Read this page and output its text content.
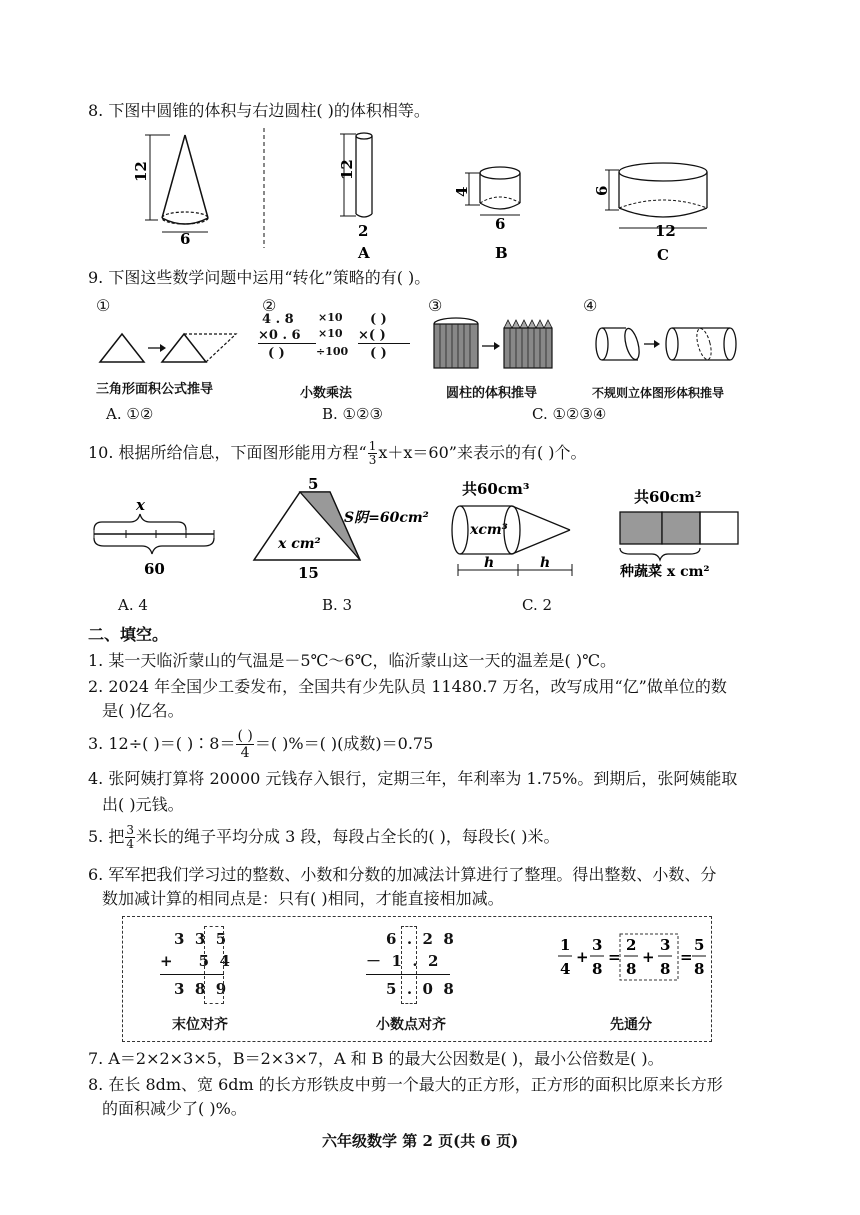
8. 下图中圆锥的体积与右边圆柱( )的体积相等。
12
6
12
2
A
4
6
B
6
12
C
9. 下图这些数学问题中运用“转化”策略的有( )。
①	②	③	④
4 . 8
×0 . 6
( )
×10
×10
÷100
( )
×( )
( )
三角形面积公式推导	小数乘法	圆柱的体积推导	不规则立体图形体积推导
A. ①②	B. ①②③	C. ①②③④
10. 根据所给信息，下面图形能用方程“ $\frac{1}{3} x+x=60$”来表示的有( )个。
x
60
5
S阴=60cm²
x cm²
15
共60cm³
xcm³
h	h
共60cm²
种蔬菜 x cm²
A. 4	B. 3	C. 2
二、填空。
1. 某一天临沂蒙山的气温是－5℃～6℃，临沂蒙山这一天的温差是( )℃。
2. 2024 年全国少工委发布，全国共有少先队员 11480.7 万名，改写成用“亿”做单位的数
是( )亿名。
3. 12÷( )＝( )∶8＝ $\frac{( )}{4}$ ＝( )%＝( )(成数)＝0.75
4. 张阿姨打算将 20000 元钱存入银行，定期三年，年利率为 1.75%。到期后，张阿姨能取
出( )元钱。
5. 把 $\frac{3}{4}$ 米长的绳子平均分成 3 段，每段占全长的( )，每段长( )米。
6. 军军把我们学习过的整数、小数和分数的加减法计算进行了整理。得出整数、小数、分
数加减计算的相同点是：只有( )相同，才能直接相加减。
3  3  5
+     5  4
3  8  9
6  .  2  8
－  1  .  2
5  .  0  8
1
4
+
3
8
=
2
8
+
3
8
=
5
8
末位对齐	小数点对齐	先通分
7. A＝2×2×3×5，B＝2×3×7，A 和 B 的最大公因数是( )，最小公倍数是( )。
8. 在长 8dm、宽 6dm 的长方形铁皮中剪一个最大的正方形，正方形的面积比原来长方形
的面积减少了( )%。
六年级数学 第 2 页(共 6 页)
